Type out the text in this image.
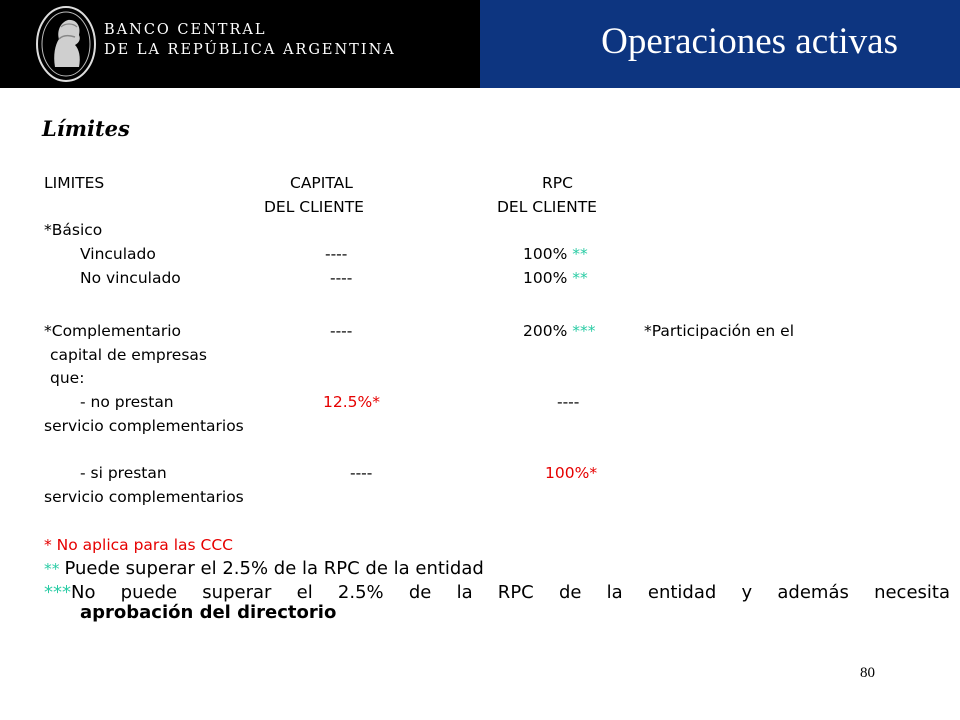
BANCO CENTRAL
DE LA REPÚBLICA ARGENTINA	Operaciones activas
Límites
LIMITES	CAPITAL	RPC
DEL CLIENTE	DEL CLIENTE
*Básico
Vinculado	----	100% **
No vinculado	----	100% **
*Complementario	----	200% ***	*Participación en el
capital de empresas
que:
- no prestan	12.5%*	----
servicio complementarios
- si prestan	----	100%*
servicio complementarios
* No aplica para las CCC
** Puede superar el 2.5% de la RPC de la entidad
***No puede superar el 2.5% de la RPC de la entidad y además necesita
aprobación del directorio
80
